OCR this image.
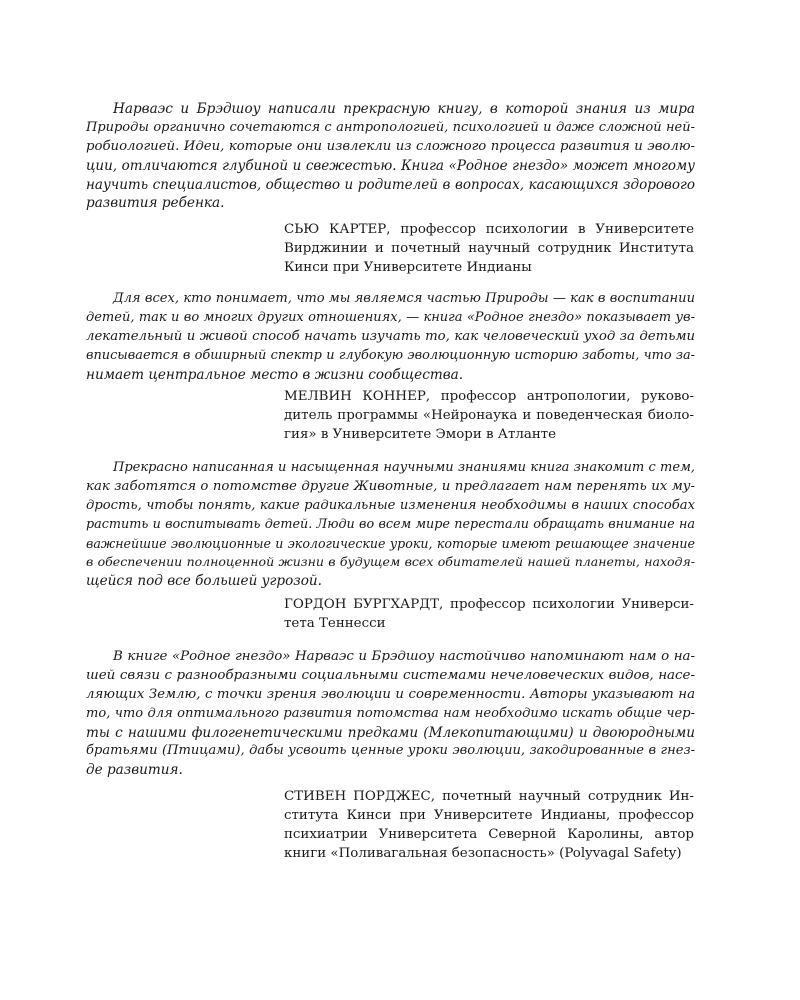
Нарваэс и Брэдшоу написали прекрасную книгу, в которой знания из мира
Природы органично сочетаются с антропологией, психологией и даже сложной ней-
робиологией. Идеи, которые они извлекли из сложного процесса развития и эволю-
ции, отличаются глубиной и свежестью. Книга «Родное гнездо» может многому
научить специалистов, общество и родителей в вопросах, касающихся здорового
развития ребенка.
СЬЮ КАРТЕР, профессор психологии в Университете
Вирджинии и почетный научный сотрудник Института
Кинси при Университете Индианы
Для всех, кто понимает, что мы являемся частью Природы — как в воспитании
детей, так и во многих других отношениях, — книга «Родное гнездо» показывает ув-
лекательный и живой способ начать изучать то, как человеческий уход за детьми
вписывается в обширный спектр и глубокую эволюционную историю заботы, что за-
нимает центральное место в жизни сообщества.
МЕЛВИН КОННЕР, профессор антропологии, руково-
дитель программы «Нейронаука и поведенческая биоло-
гия» в Университете Эмори в Атланте
Прекрасно написанная и насыщенная научными знаниями книга знакомит с тем,
как заботятся о потомстве другие Животные, и предлагает нам перенять их му-
дрость, чтобы понять, какие радикальные изменения необходимы в наших способах
растить и воспитывать детей. Люди во всем мире перестали обращать внимание на
важнейшие эволюционные и экологические уроки, которые имеют решающее значение
в обеспечении полноценной жизни в будущем всех обитателей нашей планеты, находя-
щейся под все большей угрозой.
ГОРДОН БУРГХАРДТ, профессор психологии Универси-
тета Теннесси
В книге «Родное гнездо» Нарваэс и Брэдшоу настойчиво напоминают нам о на-
шей связи с разнообразными социальными системами нечеловеческих видов, насе-
ляющих Землю, с точки зрения эволюции и современности. Авторы указывают на
то, что для оптимального развития потомства нам необходимо искать общие чер-
ты с нашими филогенетическими предками (Млекопитающими) и двоюродными
братьями (Птицами), дабы усвоить ценные уроки эволюции, закодированные в гнез-
де развития.
СТИВЕН ПОРДЖЕС, почетный научный сотрудник Ин-
ститута Кинси при Университете Индианы, профессор
психиатрии Университета Северной Каролины, автор
книги «Поливагальная безопасность» (Polyvagal Safety)
